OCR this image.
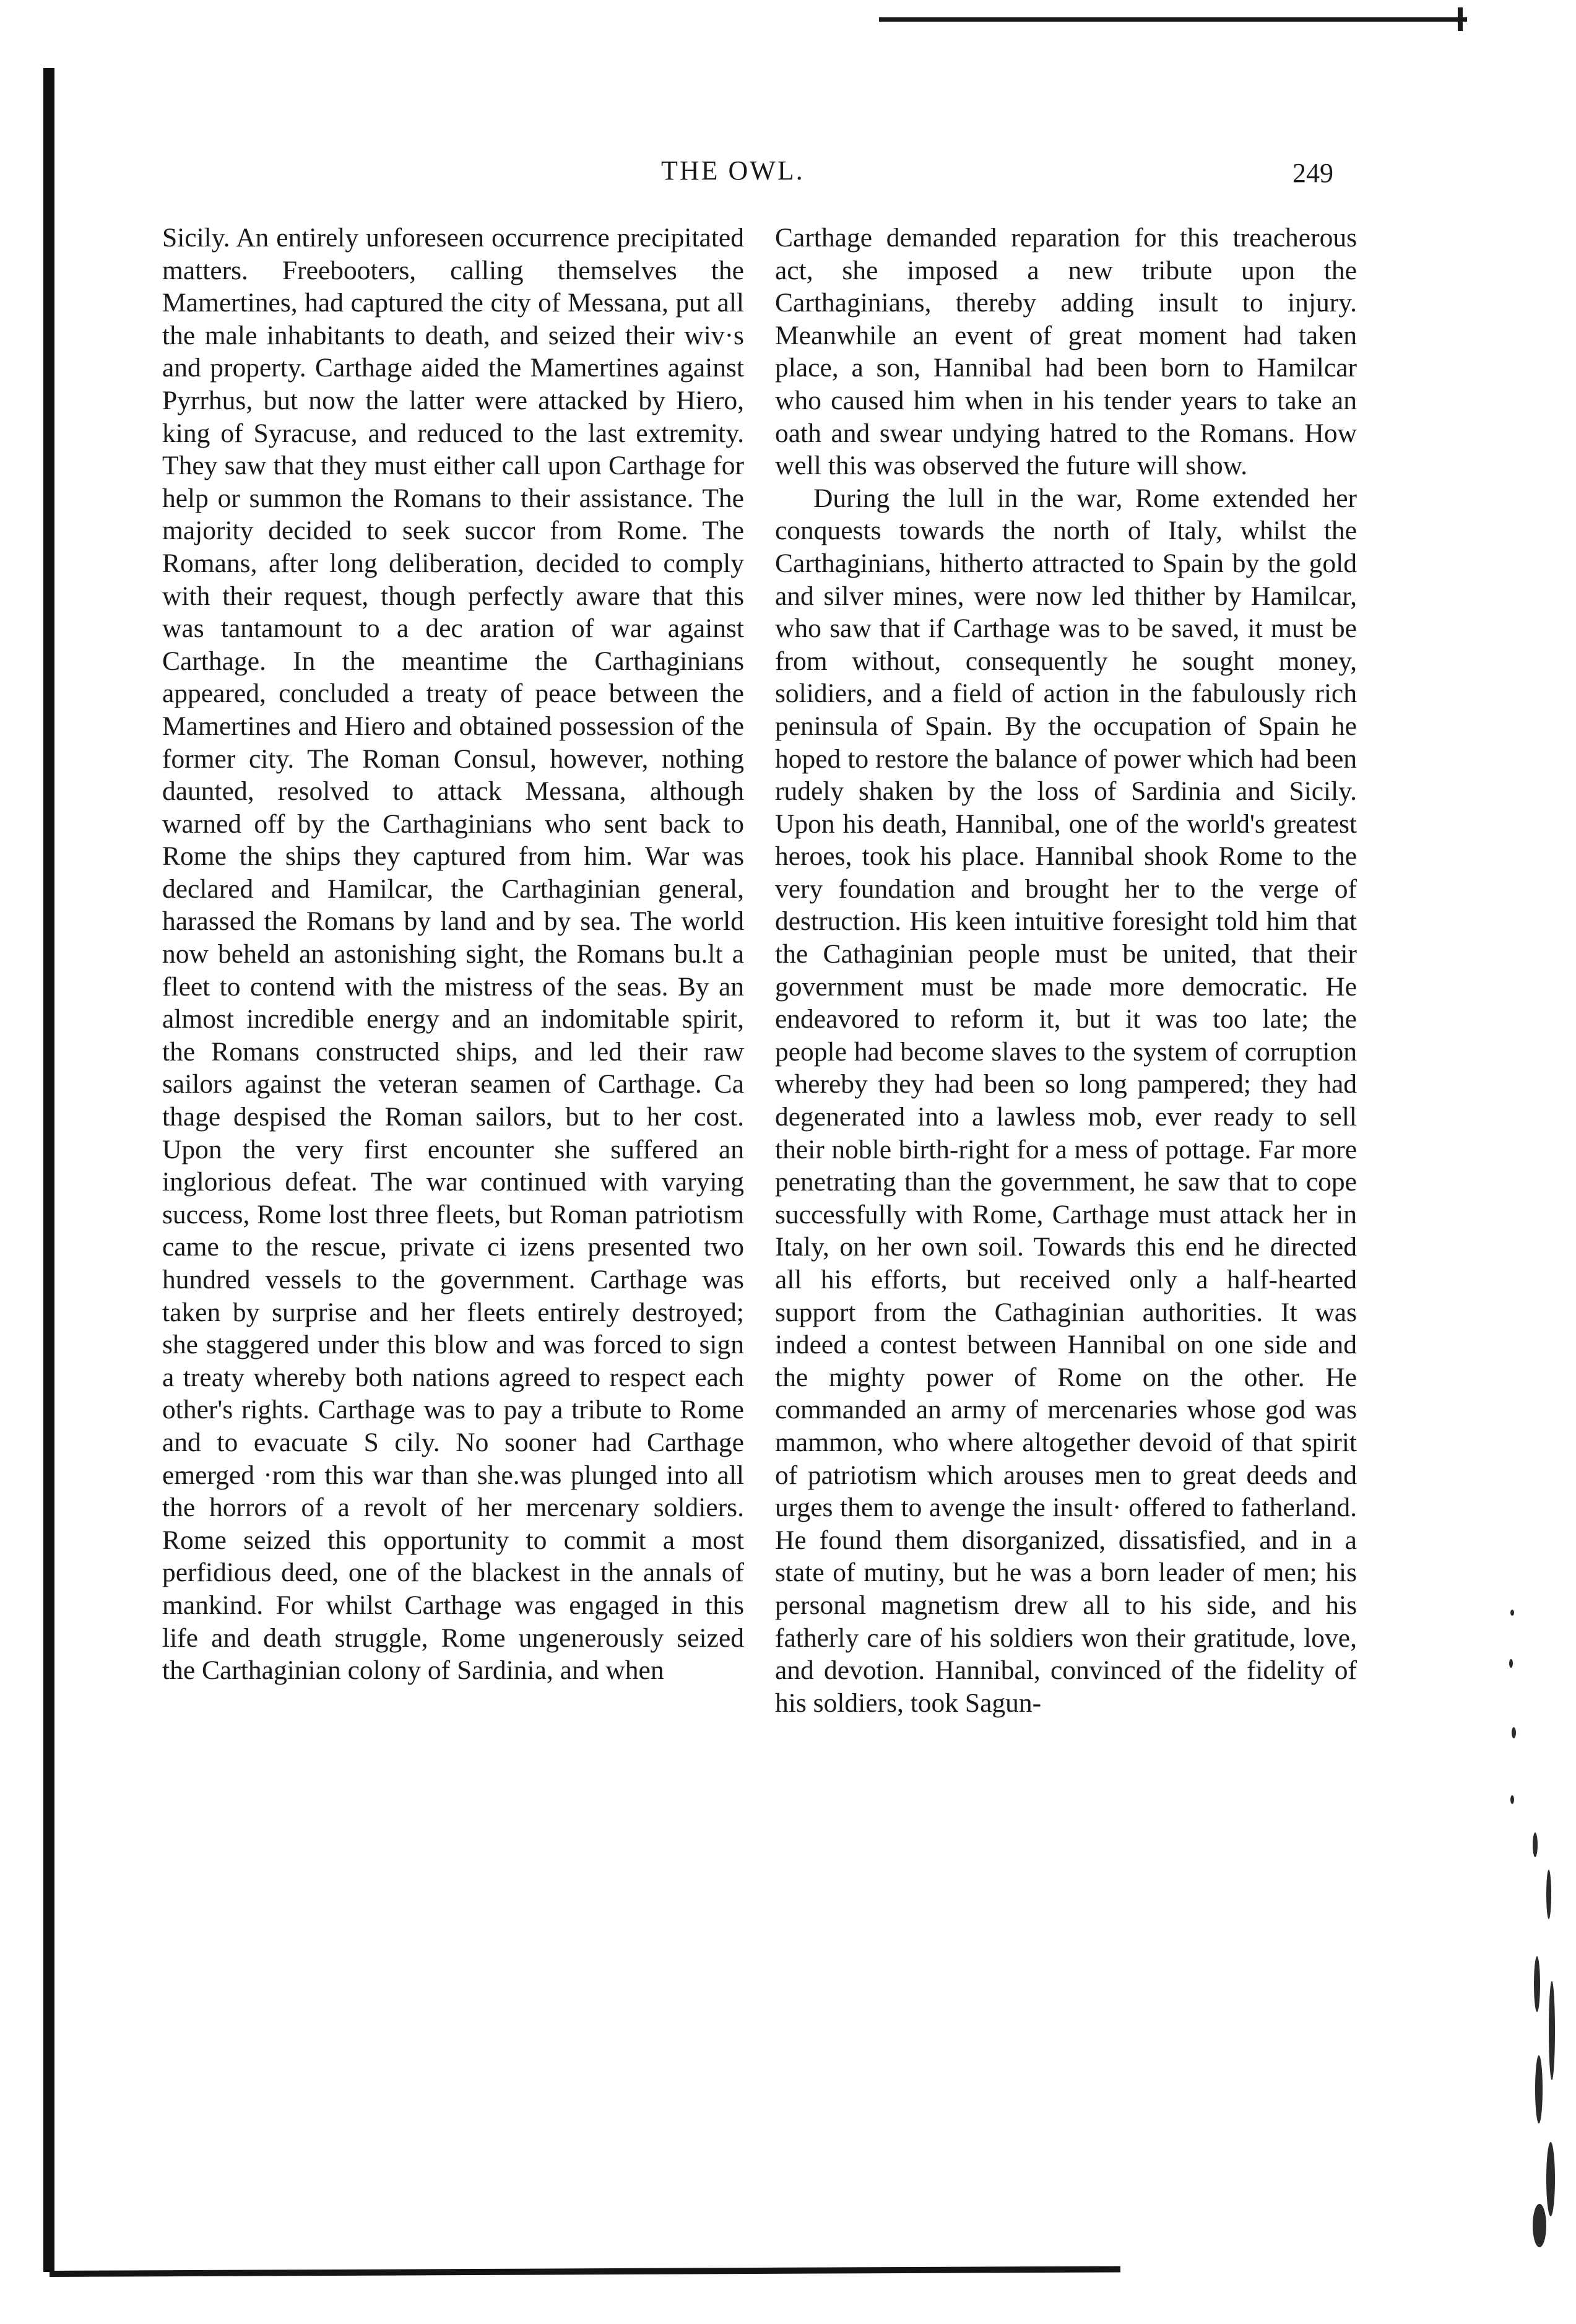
THE OWL.	249

Sicily. An entirely unforeseen occurrence precipitated matters. Freebooters, calling themselves the Mamertines, had captured the city of Messana, put all the male inhabitants to death, and seized their wiv·s and property. Carthage aided the Mamertines against Pyrrhus, but now the latter were attacked by Hiero, king of Syracuse, and reduced to the last extremity. They saw that they must either call upon Carthage for help or summon the Romans to their assistance. The majority decided to seek succor from Rome. The Romans, after long deliberation, decided to comply with their request, though perfectly aware that this was tantamount to a dec aration of war against Carthage. In the meantime the Carthaginians appeared, concluded a treaty of peace between the Mamertines and Hiero and obtained possession of the former city. The Roman Consul, however, nothing daunted, resolved to attack Messana, although warned off by the Carthaginians who sent back to Rome the ships they captured from him. War was declared and Hamilcar, the Carthaginian general, harassed the Romans by land and by sea. The world now beheld an astonishing sight, the Romans bu.lt a fleet to contend with the mistress of the seas. By an almost incredible energy and an indomitable spirit, the Romans constructed ships, and led their raw sailors against the veteran seamen of Carthage. Ca thage despised the Roman sailors, but to her cost. Upon the very first encounter she suffered an inglorious defeat. The war continued with varying success, Rome lost three fleets, but Roman patriotism came to the rescue, private ci izens presented two hundred vessels to the government. Carthage was taken by surprise and her fleets entirely destroyed; she staggered under this blow and was forced to sign a treaty whereby both nations agreed to respect each other's rights. Carthage was to pay a tribute to Rome and to evacuate S cily. No sooner had Carthage emerged ·rom this war than she.was plunged into all the horrors of a revolt of her mercenary soldiers. Rome seized this opportunity to commit a most perfidious deed, one of the blackest in the annals of mankind. For whilst Carthage was engaged in this life and death struggle, Rome ungenerously seized the Carthaginian colony of Sardinia, and when

Carthage demanded reparation for this treacherous act, she imposed a new tribute upon the Carthaginians, thereby adding insult to injury. Meanwhile an event of great moment had taken place, a son, Hannibal had been born to Hamilcar who caused him when in his tender years to take an oath and swear undying hatred to the Romans. How well this was observed the future will show.

During the lull in the war, Rome extended her conquests towards the north of Italy, whilst the Carthaginians, hitherto attracted to Spain by the gold and silver mines, were now led thither by Hamilcar, who saw that if Carthage was to be saved, it must be from without, consequently he sought money, solidiers, and a field of action in the fabulously rich peninsula of Spain. By the occupation of Spain he hoped to restore the balance of power which had been rudely shaken by the loss of Sardinia and Sicily. Upon his death, Hannibal, one of the world's greatest heroes, took his place. Hannibal shook Rome to the very foundation and brought her to the verge of destruction. His keen intuitive foresight told him that the Cathaginian people must be united, that their government must be made more democratic. He endeavored to reform it, but it was too late; the people had become slaves to the system of corruption whereby they had been so long pampered; they had degenerated into a lawless mob, ever ready to sell their noble birth-right for a mess of pottage. Far more penetrating than the government, he saw that to cope successfully with Rome, Carthage must attack her in Italy, on her own soil. Towards this end he directed all his efforts, but received only a half-hearted support from the Cathaginian authorities. It was indeed a contest between Hannibal on one side and the mighty power of Rome on the other. He commanded an army of mercenaries whose god was mammon, who where altogether devoid of that spirit of patriotism which arouses men to great deeds and urges them to avenge the insult· offered to fatherland. He found them disorganized, dissatisfied, and in a state of mutiny, but he was a born leader of men; his personal magnetism drew all to his side, and his fatherly care of his soldiers won their gratitude, love, and devotion. Hannibal, convinced of the fidelity of his soldiers, took Sagun-
